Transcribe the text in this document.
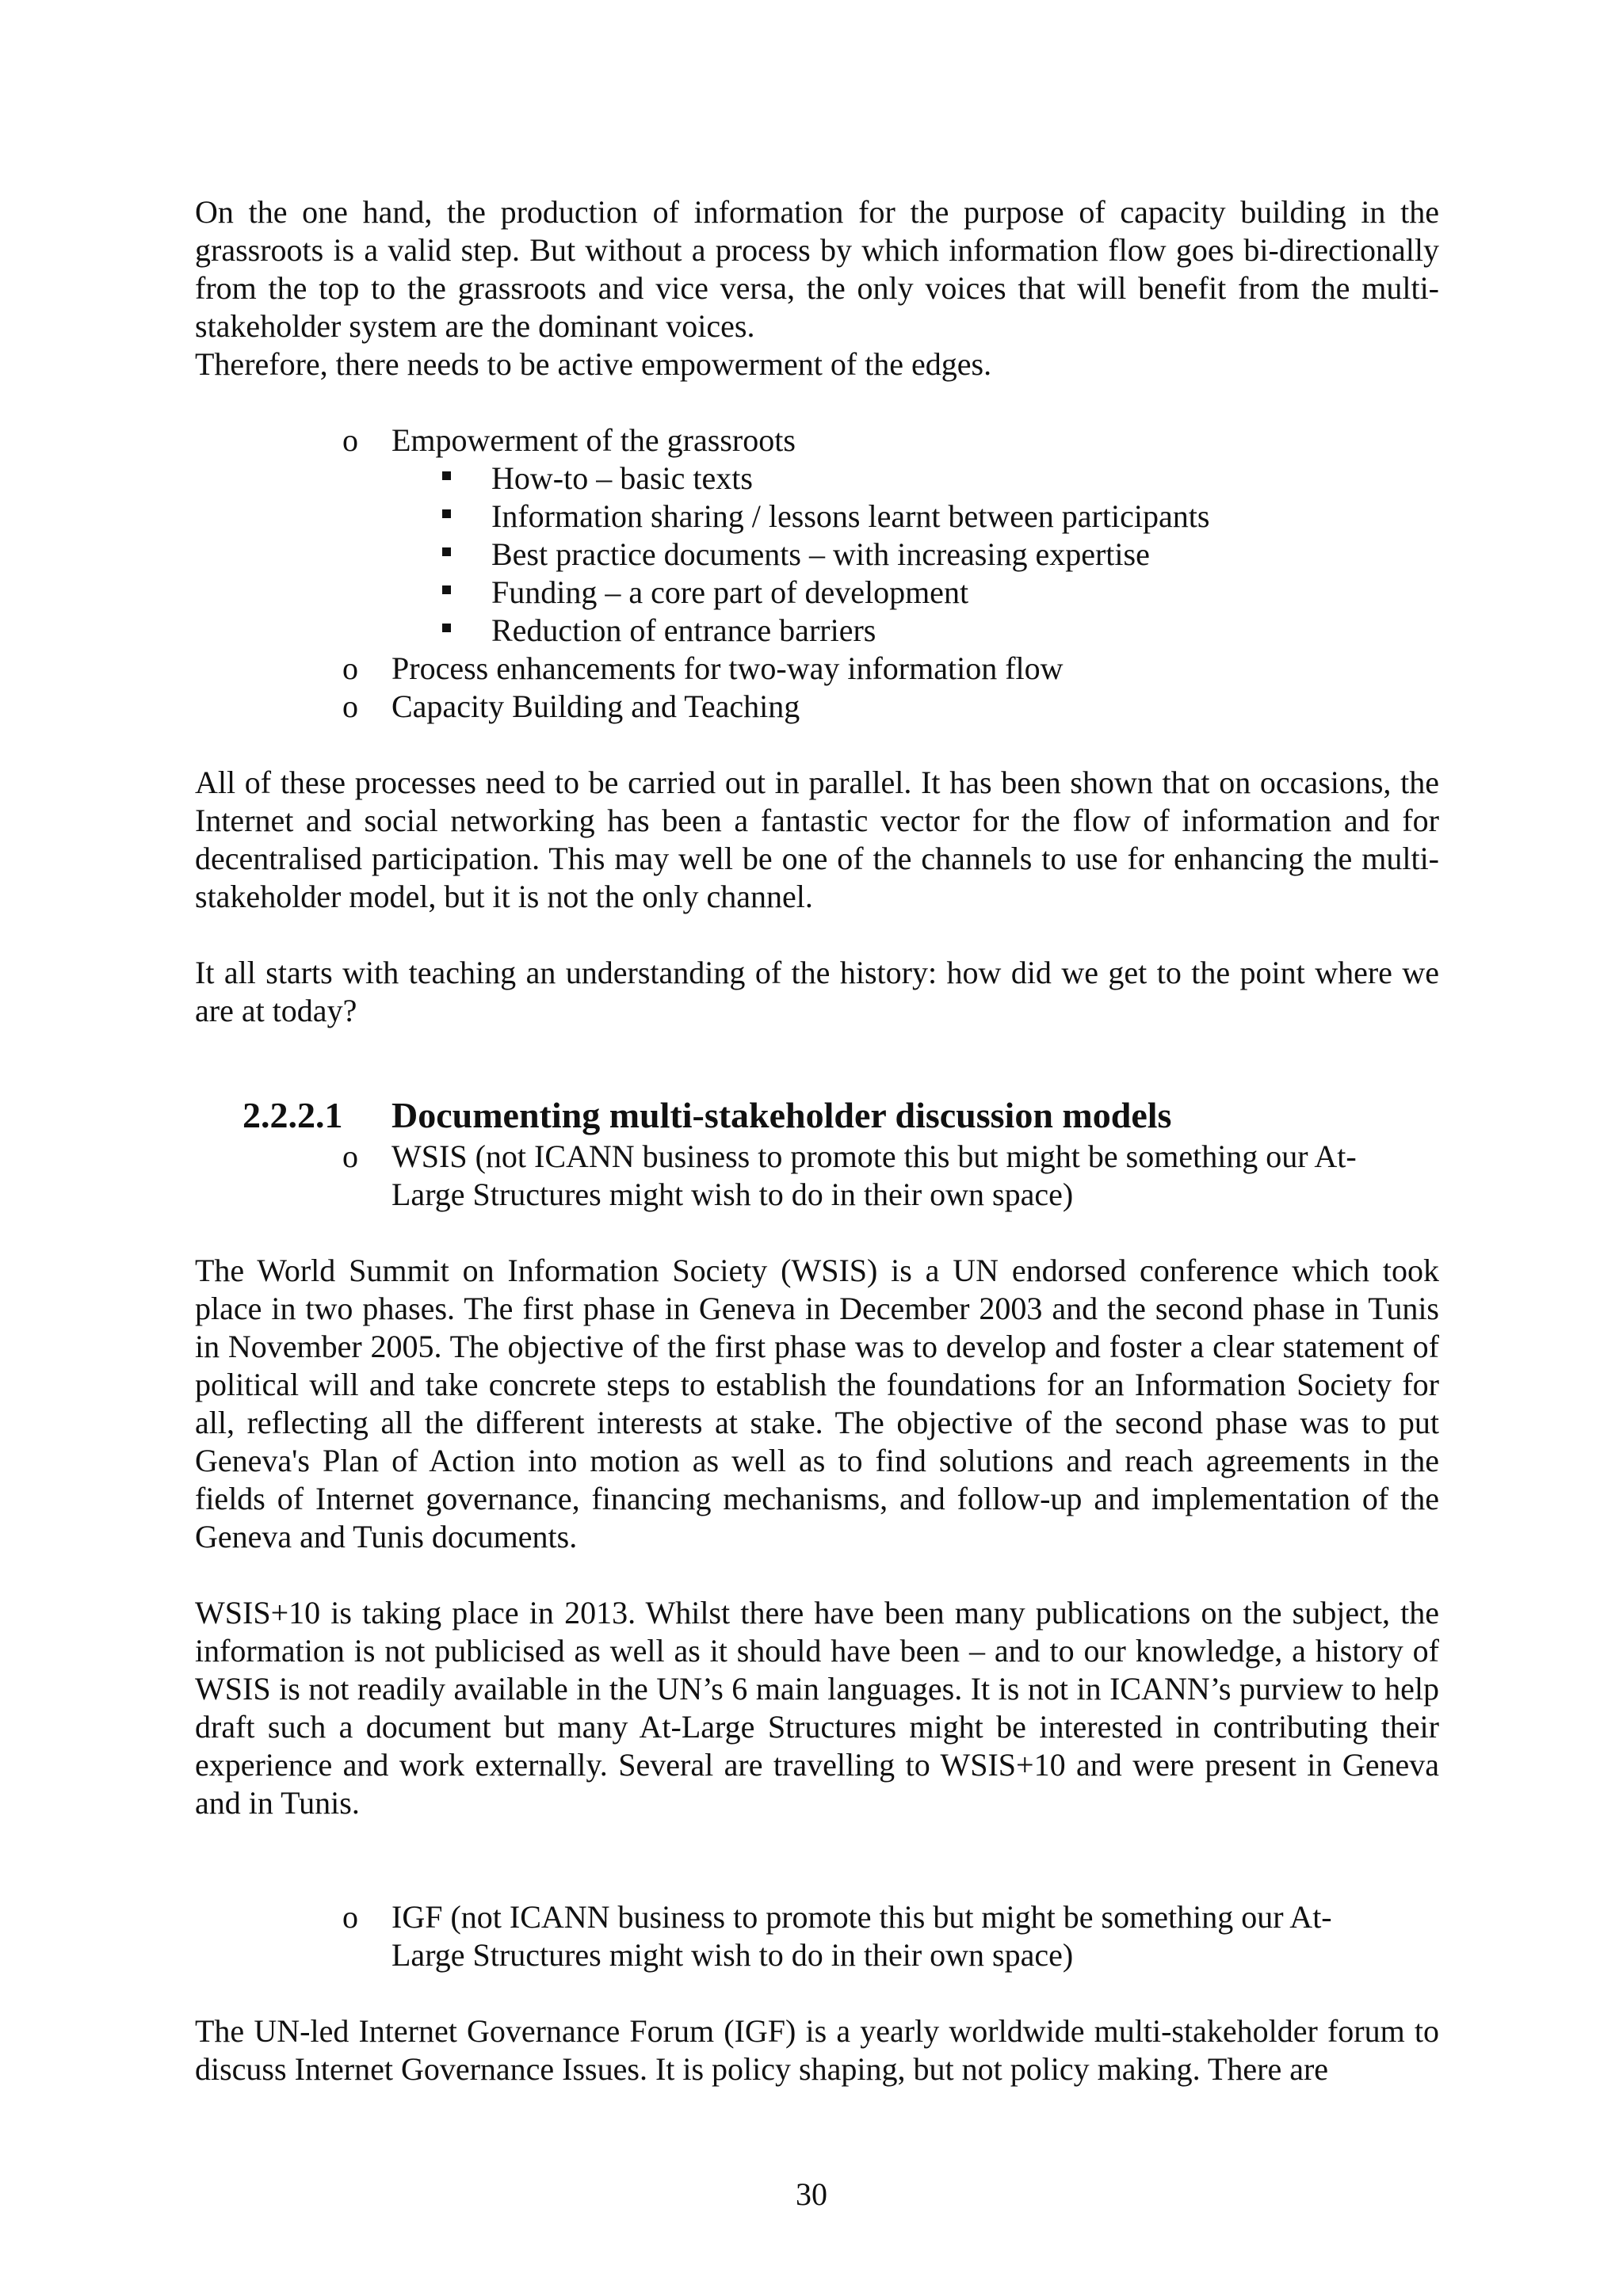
On the one hand, the production of information for the purpose of capacity building in the grassroots is a valid step. But without a process by which information flow goes bi-directionally from the top to the grassroots and vice versa, the only voices that will benefit from the multi-stakeholder system are the dominant voices.

Therefore, there needs to be active empowerment of the edges.

o Empowerment of the grassroots
How-to – basic texts
Information sharing / lessons learnt between participants
Best practice documents – with increasing expertise
Funding – a core part of development
Reduction of entrance barriers
o Process enhancements for two-way information flow
o Capacity Building and Teaching

All of these processes need to be carried out in parallel. It has been shown that on occasions, the Internet and social networking has been a fantastic vector for the flow of information and for decentralised participation. This may well be one of the channels to use for enhancing the multi-stakeholder model, but it is not the only channel.

It all starts with teaching an understanding of the history: how did we get to the point where we are at today?

2.2.2.1 Documenting multi-stakeholder discussion models
o WSIS (not ICANN business to promote this but might be something our At-
Large Structures might wish to do in their own space)

The World Summit on Information Society (WSIS) is a UN endorsed conference which took place in two phases. The first phase in Geneva in December 2003 and the second phase in Tunis in November 2005. The objective of the first phase was to develop and foster a clear statement of political will and take concrete steps to establish the foundations for an Information Society for all, reflecting all the different interests at stake. The objective of the second phase was to put Geneva's Plan of Action into motion as well as to find solutions and reach agreements in the fields of Internet governance, financing mechanisms, and follow-up and implementation of the Geneva and Tunis documents.

WSIS+10 is taking place in 2013. Whilst there have been many publications on the subject, the information is not publicised as well as it should have been – and to our knowledge, a history of WSIS is not readily available in the UN’s 6 main languages. It is not in ICANN’s purview to help draft such a document but many At-Large Structures might be interested in contributing their experience and work externally. Several are travelling to WSIS+10 and were present in Geneva and in Tunis.

o IGF (not ICANN business to promote this but might be something our At-
Large Structures might wish to do in their own space)

The UN-led Internet Governance Forum (IGF) is a yearly worldwide multi-stakeholder forum to discuss Internet Governance Issues. It is policy shaping, but not policy making. There are

30
